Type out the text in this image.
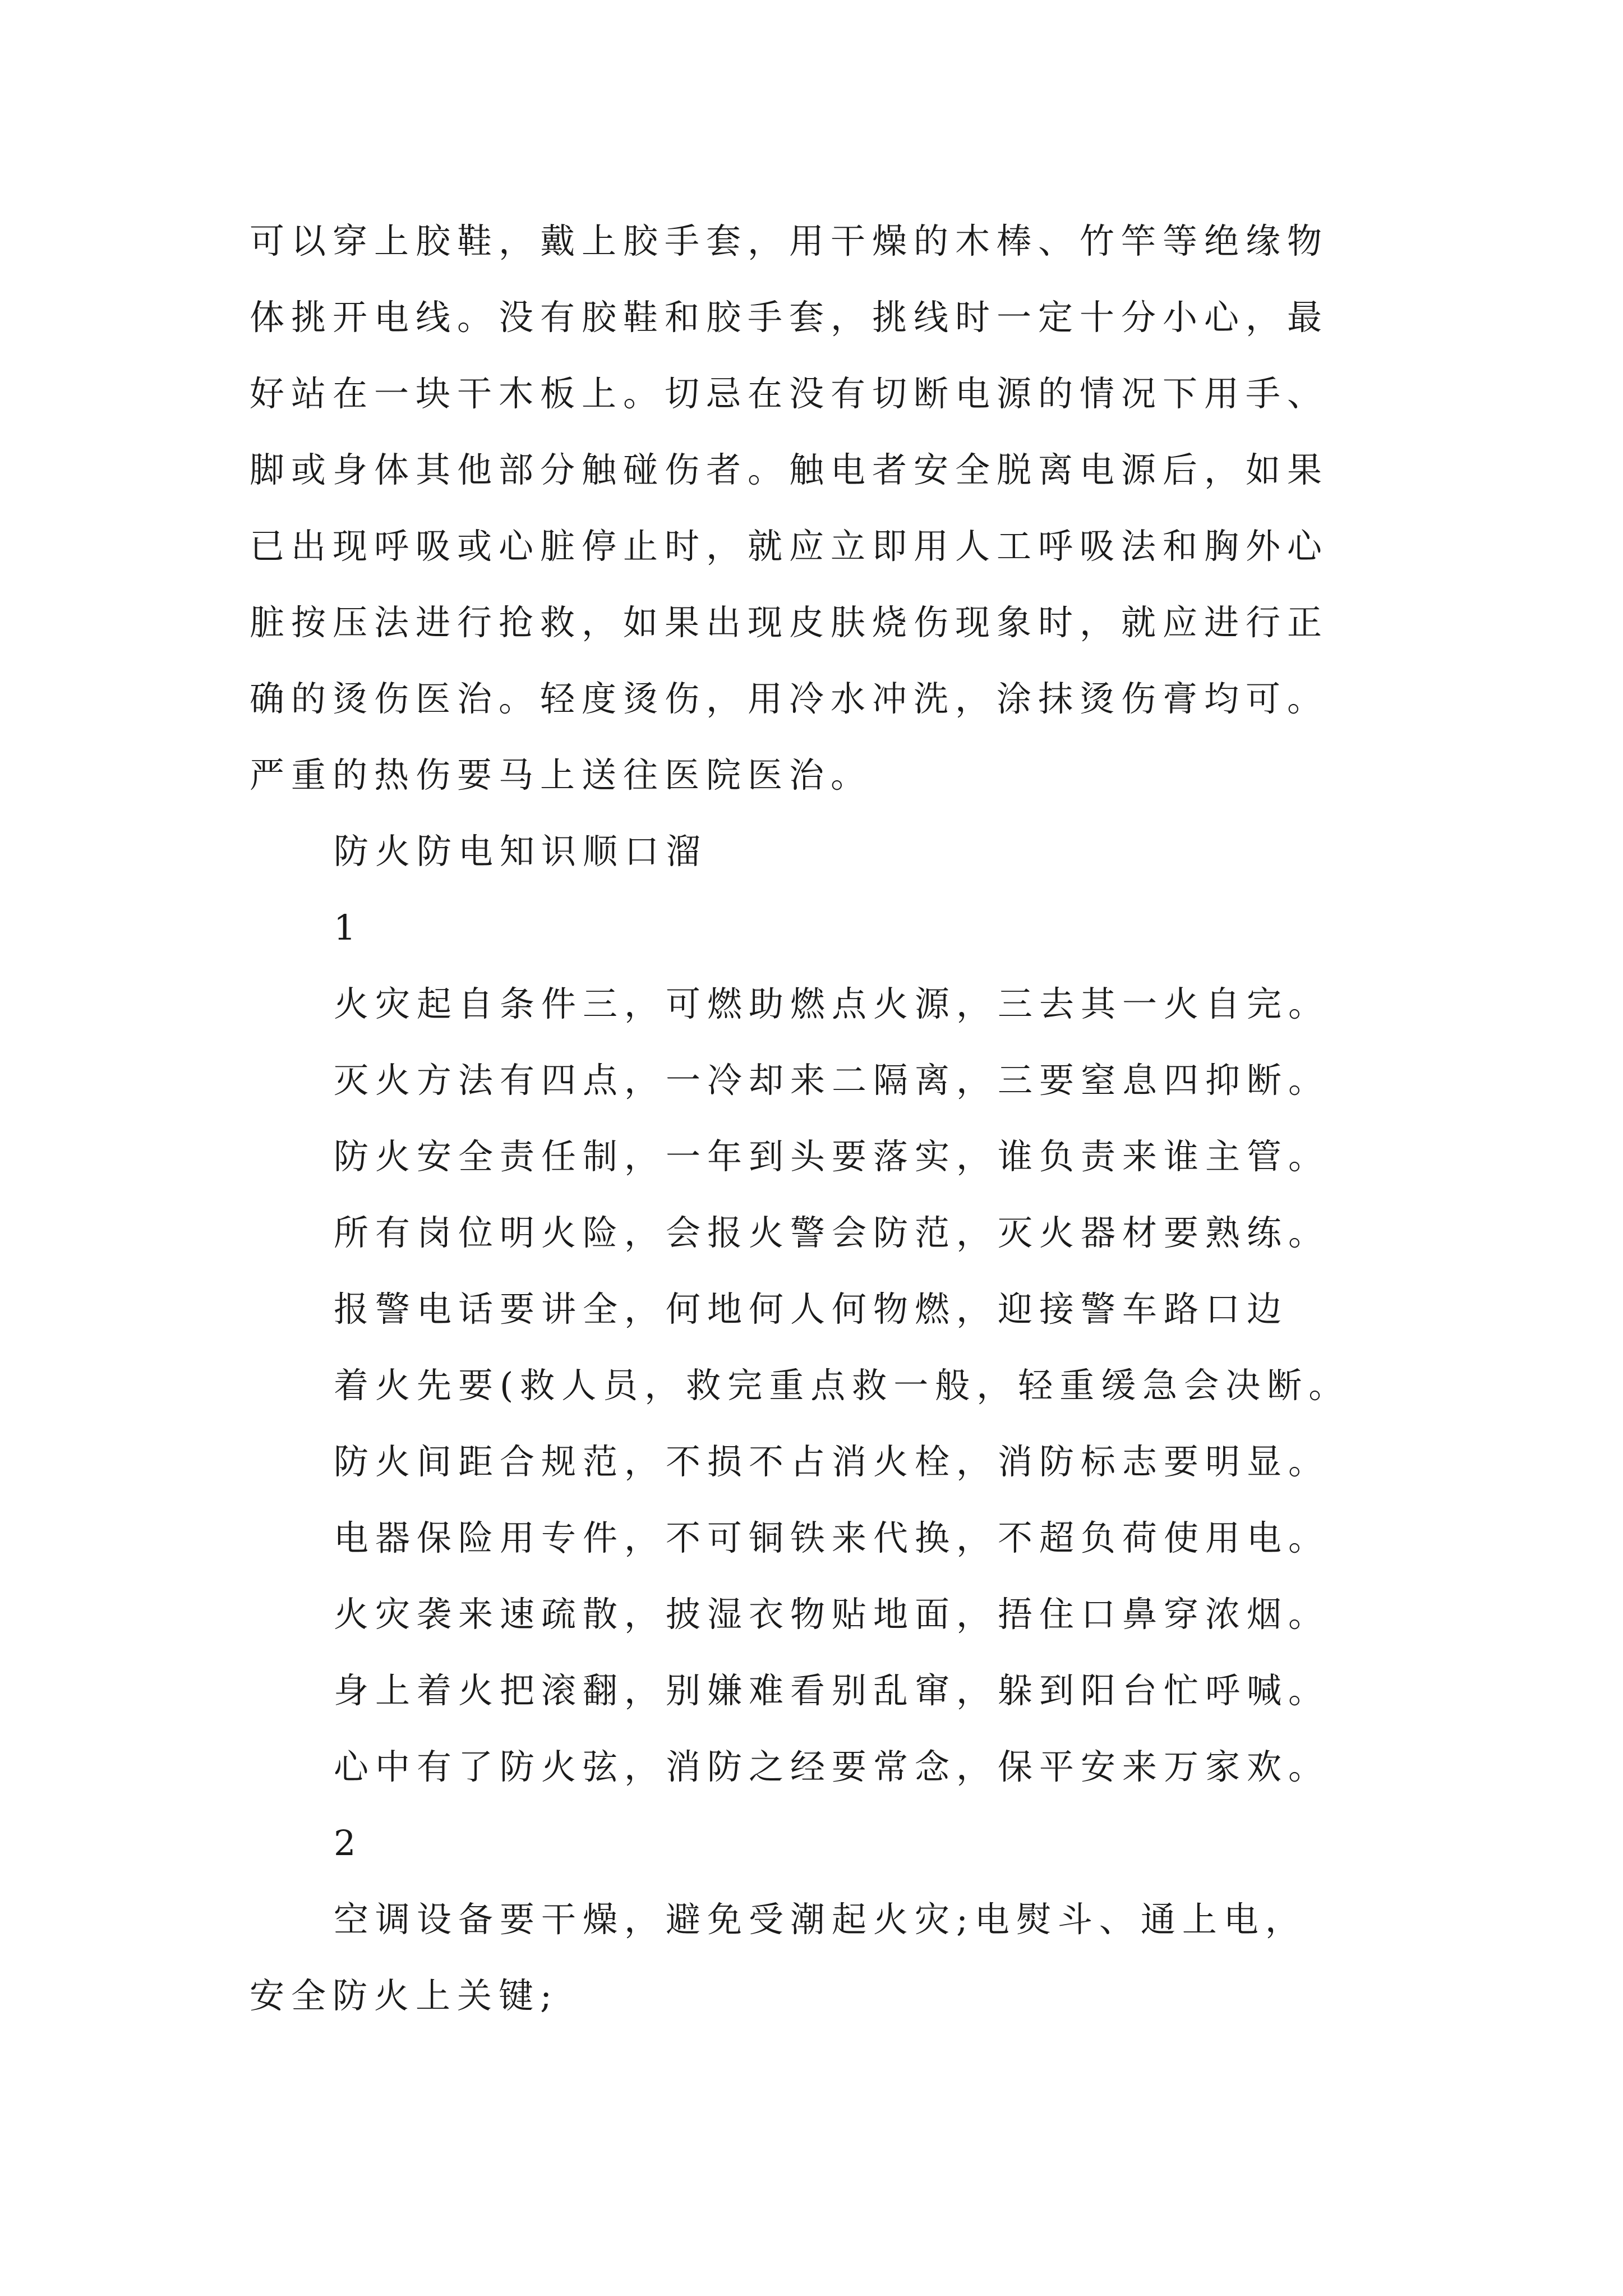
可以穿上胶鞋，戴上胶手套，用干燥的木棒、竹竿等绝缘物
体挑开电线。没有胶鞋和胶手套，挑线时一定十分小心，最
好站在一块干木板上。切忌在没有切断电源的情况下用手、
脚或身体其他部分触碰伤者。触电者安全脱离电源后，如果
已出现呼吸或心脏停止时，就应立即用人工呼吸法和胸外心
脏按压法进行抢救，如果出现皮肤烧伤现象时，就应进行正
确的烫伤医治。轻度烫伤，用冷水冲洗，涂抹烫伤膏均可。
严重的热伤要马上送往医院医治。
防火防电知识顺口溜
1
火灾起自条件三，可燃助燃点火源，三去其一火自完。
灭火方法有四点，一冷却来二隔离，三要窒息四抑断。
防火安全责任制，一年到头要落实，谁负责来谁主管。
所有岗位明火险，会报火警会防范，灭火器材要熟练。
报警电话要讲全，何地何人何物燃，迎接警车路口边
着火先要(救人员，救完重点救一般，轻重缓急会决断。
防火间距合规范，不损不占消火栓，消防标志要明显。
电器保险用专件，不可铜铁来代换，不超负荷使用电。
火灾袭来速疏散，披湿衣物贴地面，捂住口鼻穿浓烟。
身上着火把滚翻，别嫌难看别乱窜，躲到阳台忙呼喊。
心中有了防火弦，消防之经要常念，保平安来万家欢。
2
空调设备要干燥，避免受潮起火灾;电熨斗、通上电，
安全防火上关键;
